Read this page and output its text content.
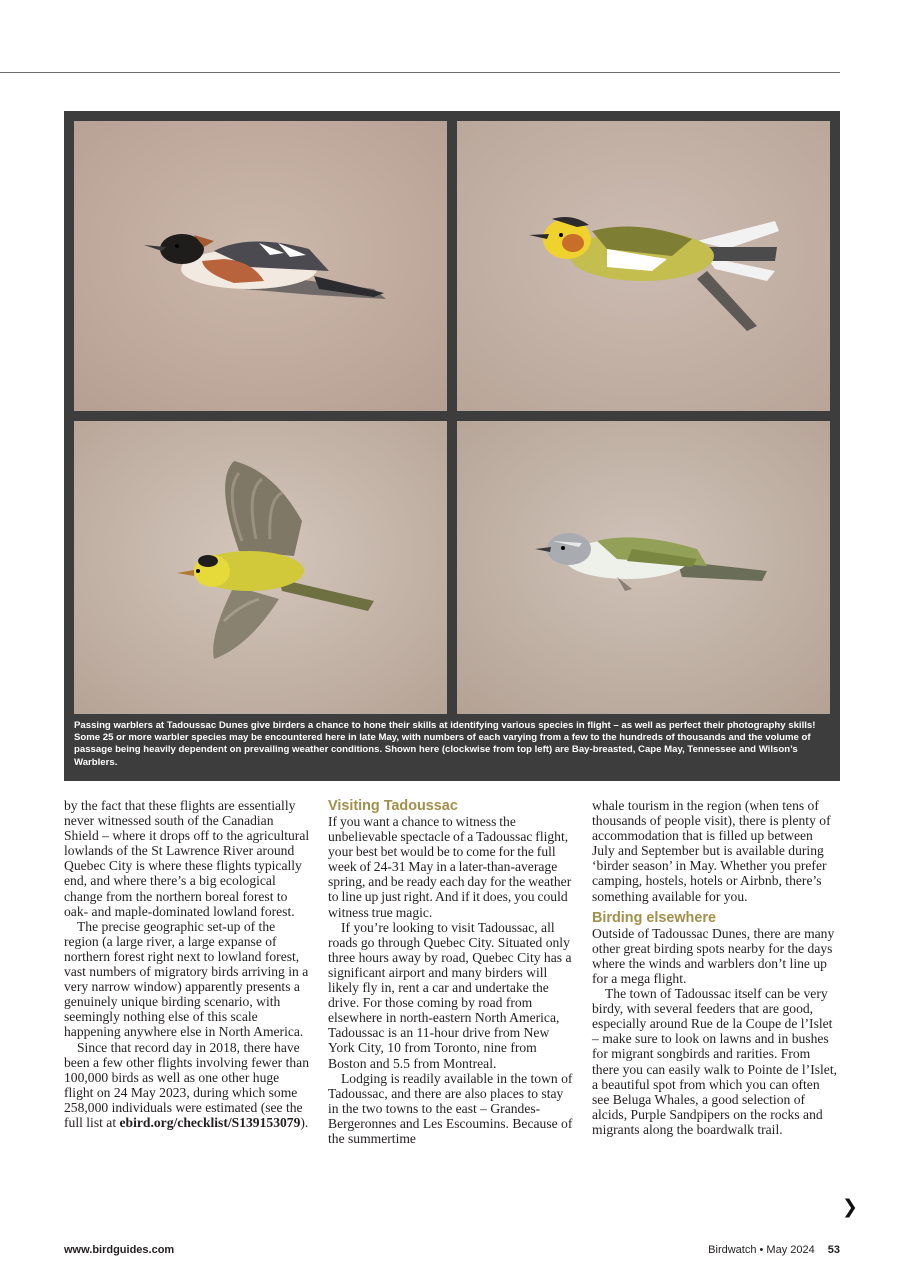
Passing warblers at Tadoussac Dunes give birders a chance to hone their skills at identifying various species in flight – as well as perfect their photography skills! Some 25 or more warbler species may be encountered here in late May, with numbers of each varying from a few to the hundreds of thousands and the volume of passage being heavily dependent on prevailing weather conditions. Shown here (clockwise from top left) are Bay-breasted, Cape May, Tennessee and Wilson’s Warblers.

by the fact that these flights are essentially never witnessed south of the Canadian Shield – where it drops off to the agricultural lowlands of the St Lawrence River around Quebec City is where these flights typically end, and where there’s a big ecological change from the northern boreal forest to oak- and maple-dominated lowland forest.

The precise geographic set-up of the region (a large river, a large expanse of northern forest right next to lowland forest, vast numbers of migratory birds arriving in a very narrow window) apparently presents a genuinely unique birding scenario, with seemingly nothing else of this scale happening anywhere else in North America.

Since that record day in 2018, there have been a few other flights involving fewer than 100,000 birds as well as one other huge flight on 24 May 2023, during which some 258,000 individuals were estimated (see the full list at ebird.org/checklist/S139153079).

Visiting Tadoussac

If you want a chance to witness the unbelievable spectacle of a Tadoussac flight, your best bet would be to come for the full week of 24-31 May in a later-than-average spring, and be ready each day for the weather to line up just right. And if it does, you could witness true magic.

If you’re looking to visit Tadoussac, all roads go through Quebec City. Situated only three hours away by road, Quebec City has a significant airport and many birders will likely fly in, rent a car and undertake the drive. For those coming by road from elsewhere in north-eastern North America, Tadoussac is an 11-hour drive from New York City, 10 from Toronto, nine from Boston and 5.5 from Montreal.

Lodging is readily available in the town of Tadoussac, and there are also places to stay in the two towns to the east – Grandes-Bergeronnes and Les Escoumins. Because of the summertime

whale tourism in the region (when tens of thousands of people visit), there is plenty of accommodation that is filled up between July and September but is available during ‘birder season’ in May. Whether you prefer camping, hostels, hotels or Airbnb, there’s something available for you.

Birding elsewhere

Outside of Tadoussac Dunes, there are many other great birding spots nearby for the days where the winds and warblers don’t line up for a mega flight.

The town of Tadoussac itself can be very birdy, with several feeders that are good, especially around Rue de la Coupe de l’Islet – make sure to look on lawns and in bushes for migrant songbirds and rarities. From there you can easily walk to Pointe de l’Islet, a beautiful spot from which you can often see Beluga Whales, a good selection of alcids, Purple Sandpipers on the rocks and migrants along the boardwalk trail.

❯
www.birdguides.com	Birdwatch • May 2024 53
